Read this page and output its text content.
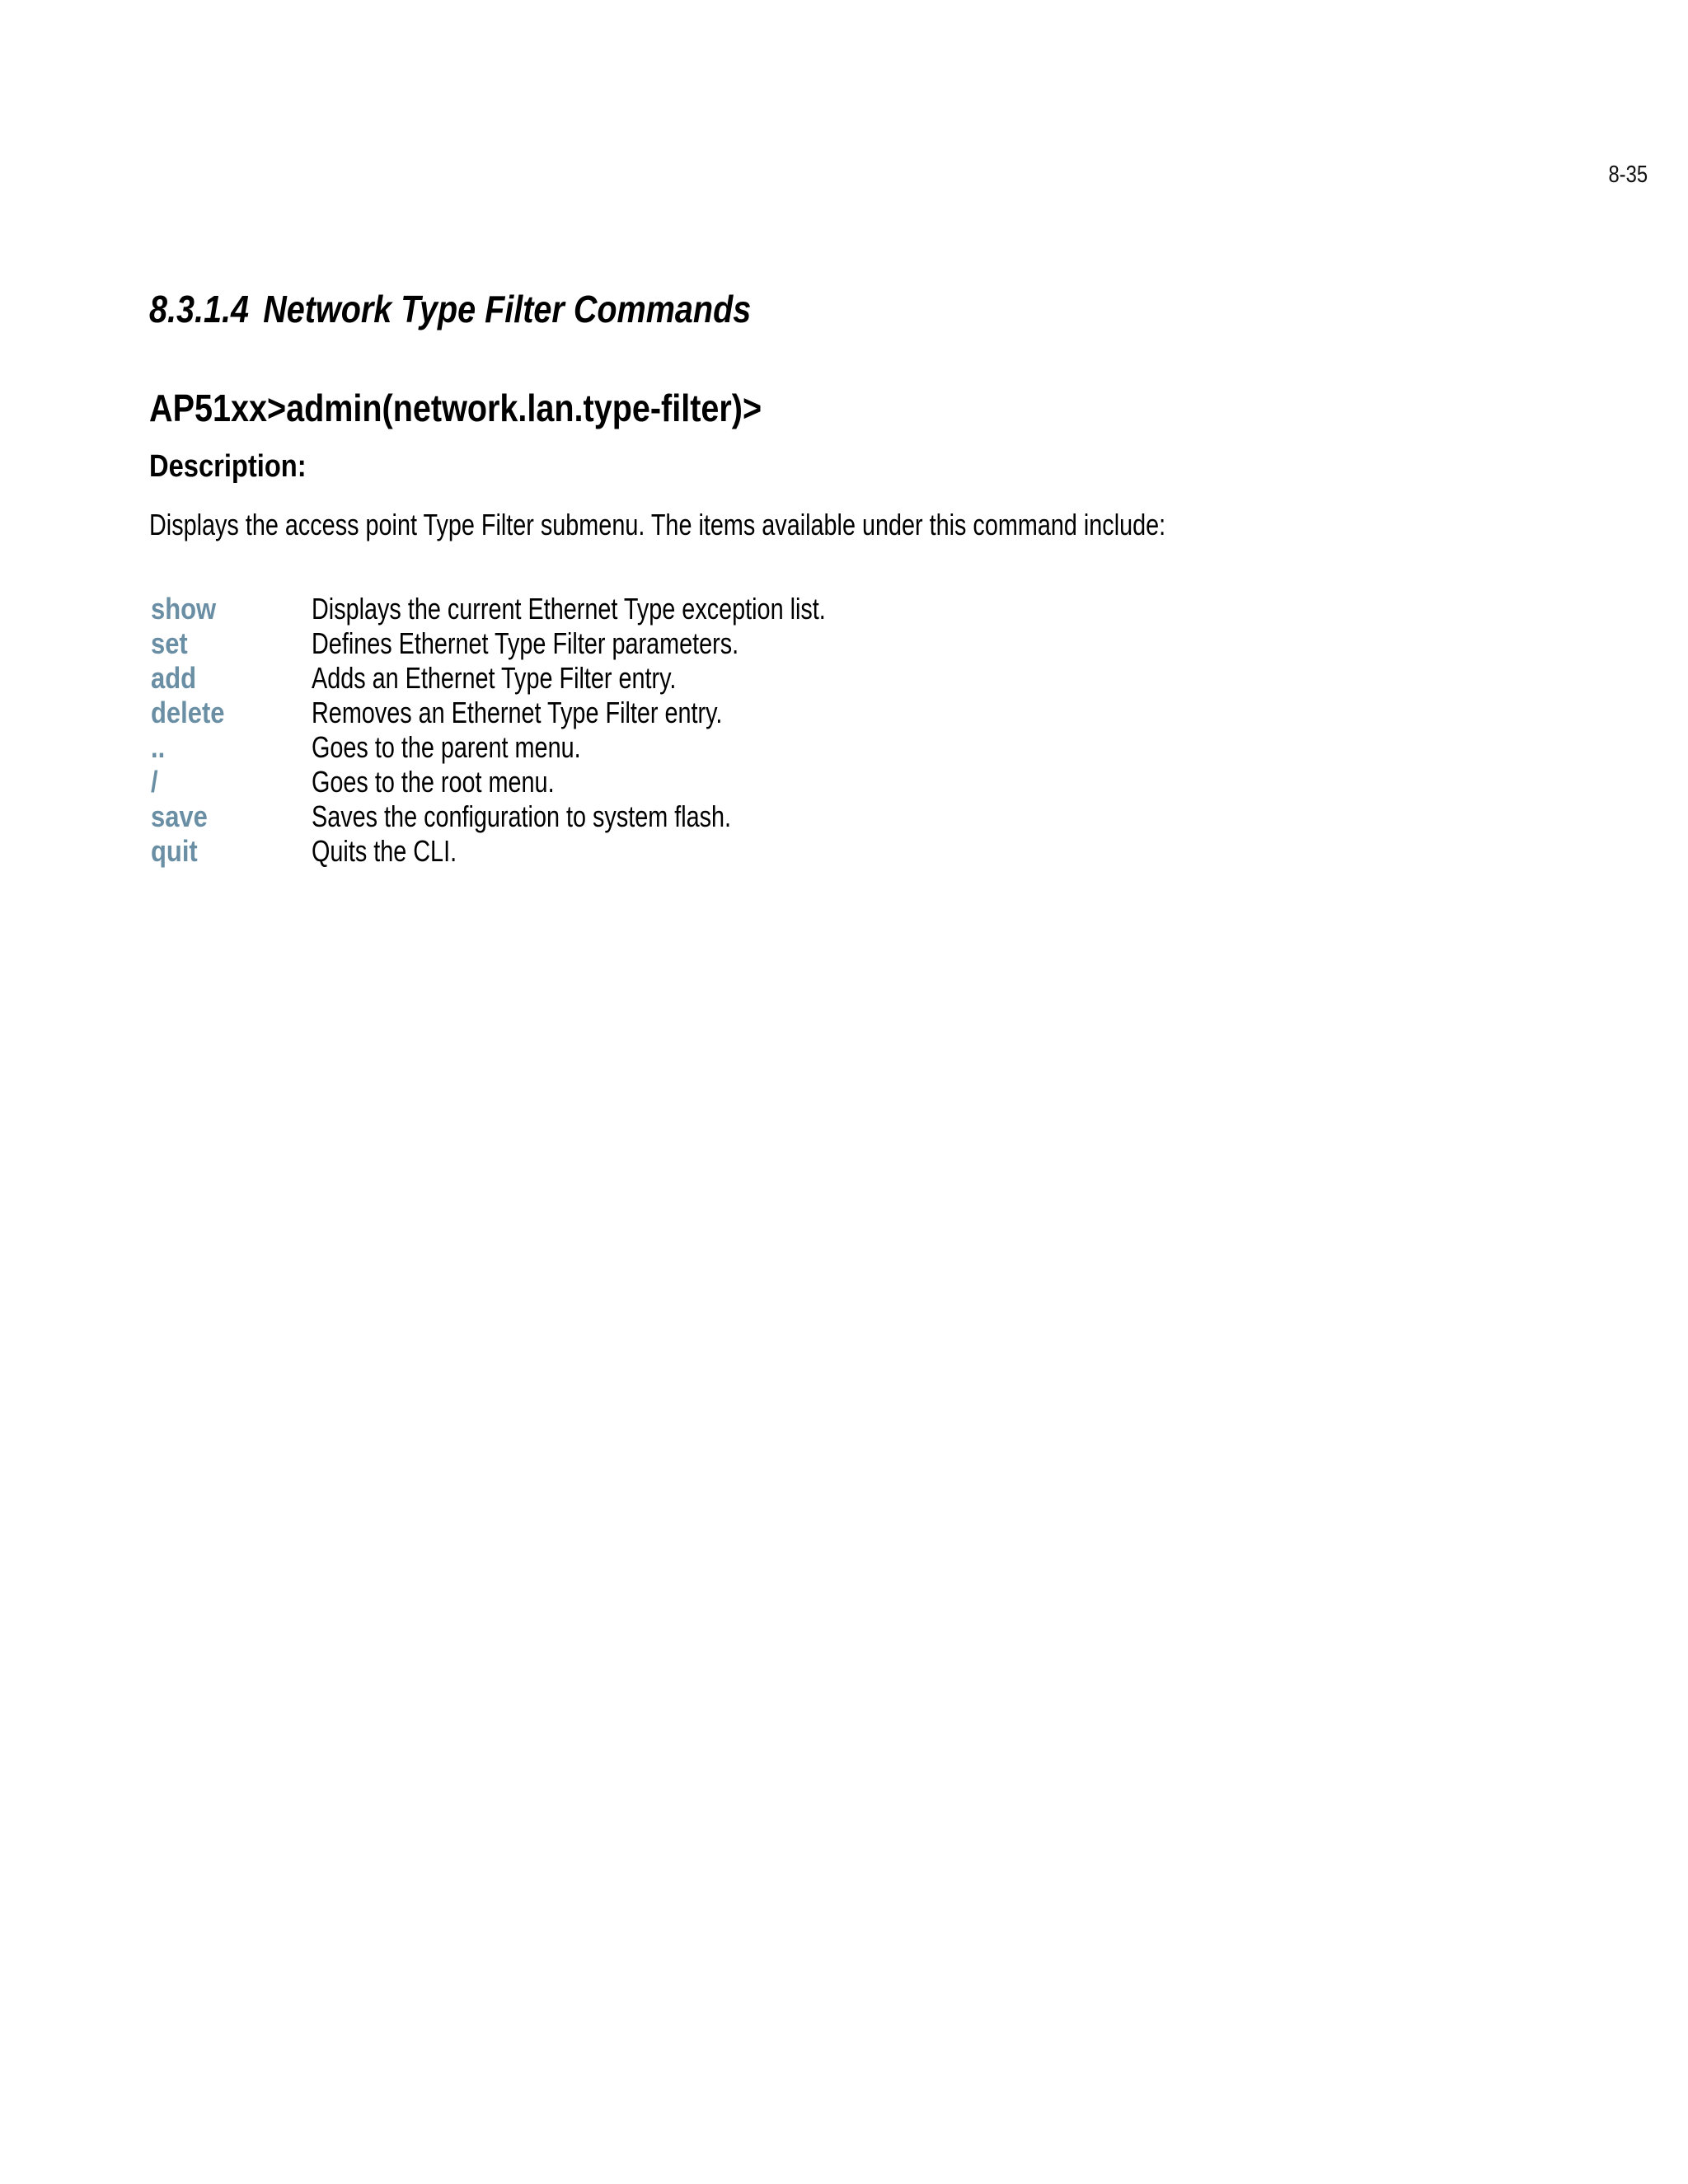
8-35
8.3.1.4 Network Type Filter Commands
AP51xx>admin(network.lan.type-filter)>
Description:

Displays the access point Type Filter submenu. The items available under this command include:

show	Displays the current Ethernet Type exception list.
set	Defines Ethernet Type Filter parameters.
add	Adds an Ethernet Type Filter entry.
delete	Removes an Ethernet Type Filter entry.
..	Goes to the parent menu.
/	Goes to the root menu.
save	Saves the configuration to system flash.
quit	Quits the CLI.
